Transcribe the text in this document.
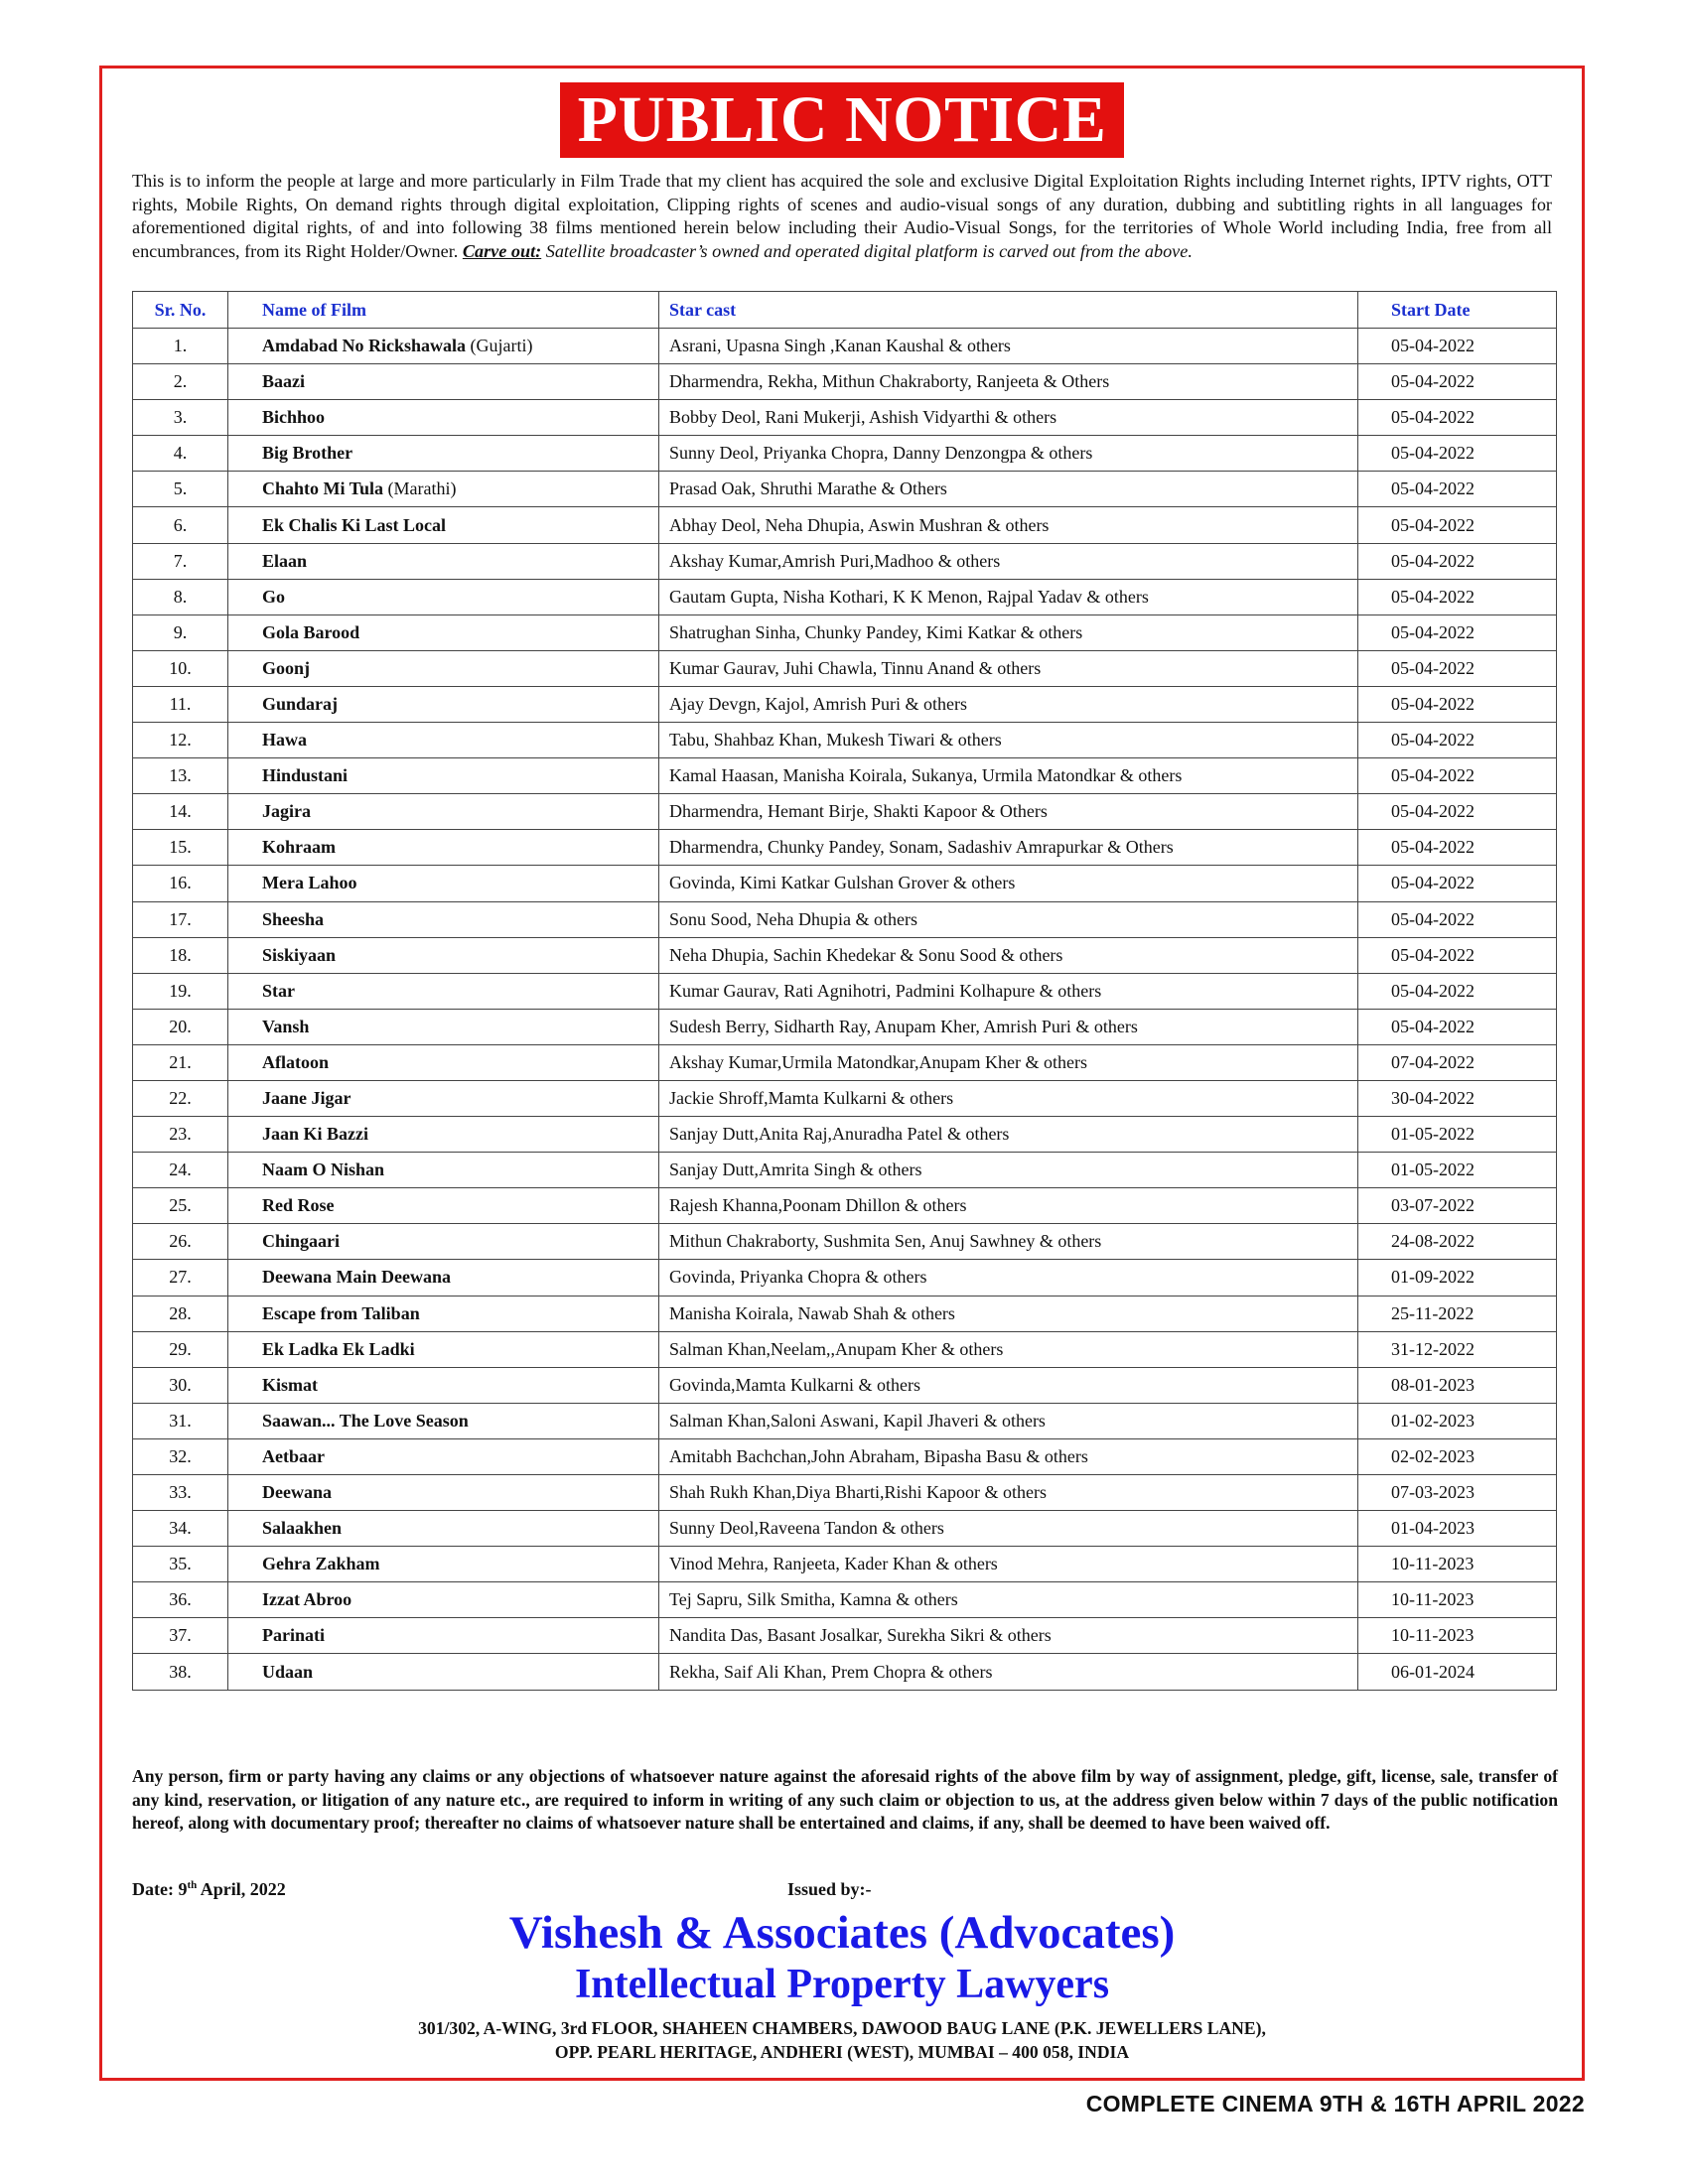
PUBLIC NOTICE
This is to inform the people at large and more particularly in Film Trade that my client has acquired the sole and exclusive Digital Exploitation Rights including Internet rights, IPTV rights, OTT rights, Mobile Rights, On demand rights through digital exploitation, Clipping rights of scenes and audio-visual songs of any duration, dubbing and subtitling rights in all languages for aforementioned digital rights, of and into following 38 films mentioned herein below including their Audio-Visual Songs, for the territories of Whole World including India, free from all encumbrances, from its Right Holder/Owner. Carve out: Satellite broadcaster’s owned and operated digital platform is carved out from the above.
Sr. No.	Name of Film	Star cast	Start Date
1.	Amdabad No Rickshawala (Gujarti)	Asrani, Upasna Singh ,Kanan Kaushal & others	05-04-2022
2.	Baazi	Dharmendra, Rekha, Mithun Chakraborty, Ranjeeta & Others	05-04-2022
3.	Bichhoo	Bobby Deol, Rani Mukerji, Ashish Vidyarthi & others	05-04-2022
4.	Big Brother	Sunny Deol, Priyanka Chopra, Danny Denzongpa & others	05-04-2022
5.	Chahto Mi Tula (Marathi)	Prasad Oak, Shruthi Marathe & Others	05-04-2022
6.	Ek Chalis Ki Last Local	Abhay Deol, Neha Dhupia, Aswin Mushran & others	05-04-2022
7.	Elaan	Akshay Kumar,Amrish Puri,Madhoo & others	05-04-2022
8.	Go	Gautam Gupta, Nisha Kothari, K K Menon, Rajpal Yadav & others	05-04-2022
9.	Gola Barood	Shatrughan Sinha, Chunky Pandey, Kimi Katkar & others	05-04-2022
10.	Goonj	Kumar Gaurav, Juhi Chawla, Tinnu Anand & others	05-04-2022
11.	Gundaraj	Ajay Devgn, Kajol, Amrish Puri & others	05-04-2022
12.	Hawa	Tabu, Shahbaz Khan, Mukesh Tiwari & others	05-04-2022
13.	Hindustani	Kamal Haasan, Manisha Koirala, Sukanya, Urmila Matondkar & others	05-04-2022
14.	Jagira	Dharmendra, Hemant Birje, Shakti Kapoor & Others	05-04-2022
15.	Kohraam	Dharmendra, Chunky Pandey, Sonam, Sadashiv Amrapurkar & Others	05-04-2022
16.	Mera Lahoo	Govinda, Kimi Katkar Gulshan Grover & others	05-04-2022
17.	Sheesha	Sonu Sood, Neha Dhupia & others	05-04-2022
18.	Siskiyaan	Neha Dhupia, Sachin Khedekar & Sonu Sood & others	05-04-2022
19.	Star	Kumar Gaurav, Rati Agnihotri, Padmini Kolhapure & others	05-04-2022
20.	Vansh	Sudesh Berry, Sidharth Ray, Anupam Kher, Amrish Puri & others	05-04-2022
21.	Aflatoon	Akshay Kumar,Urmila Matondkar,Anupam Kher & others	07-04-2022
22.	Jaane Jigar	Jackie Shroff,Mamta Kulkarni & others	30-04-2022
23.	Jaan Ki Bazzi	Sanjay Dutt,Anita Raj,Anuradha Patel & others	01-05-2022
24.	Naam O Nishan	Sanjay Dutt,Amrita Singh & others	01-05-2022
25.	Red Rose	Rajesh Khanna,Poonam Dhillon & others	03-07-2022
26.	Chingaari	Mithun Chakraborty, Sushmita Sen, Anuj Sawhney & others	24-08-2022
27.	Deewana Main Deewana	Govinda, Priyanka Chopra & others	01-09-2022
28.	Escape from Taliban	Manisha Koirala, Nawab Shah & others	25-11-2022
29.	Ek Ladka Ek Ladki	Salman Khan,Neelam,,Anupam Kher & others	31-12-2022
30.	Kismat	Govinda,Mamta Kulkarni & others	08-01-2023
31.	Saawan... The Love Season	Salman Khan,Saloni Aswani, Kapil Jhaveri & others	01-02-2023
32.	Aetbaar	Amitabh Bachchan,John Abraham, Bipasha Basu & others	02-02-2023
33.	Deewana	Shah Rukh Khan,Diya Bharti,Rishi Kapoor & others	07-03-2023
34.	Salaakhen	Sunny Deol,Raveena Tandon & others	01-04-2023
35.	Gehra Zakham	Vinod Mehra, Ranjeeta, Kader Khan & others	10-11-2023
36.	Izzat Abroo	Tej Sapru, Silk Smitha, Kamna & others	10-11-2023
37.	Parinati	Nandita Das, Basant Josalkar, Surekha Sikri & others	10-11-2023
38.	Udaan	Rekha, Saif Ali Khan, Prem Chopra & others	06-01-2024
Any person, firm or party having any claims or any objections of whatsoever nature against the aforesaid rights of the above film by way of assignment, pledge, gift, license, sale, transfer of any kind, reservation, or litigation of any nature etc., are required to inform in writing of any such claim or objection to us, at the address given below within 7 days of the public notification hereof, along with documentary proof; thereafter no claims of whatsoever nature shall be entertained and claims, if any, shall be deemed to have been waived off.
Date: 9th April, 2022	Issued by:-
Vishesh & Associates (Advocates)
Intellectual Property Lawyers
301/302, A-WING, 3rd FLOOR, SHAHEEN CHAMBERS, DAWOOD BAUG LANE (P.K. JEWELLERS LANE),
OPP. PEARL HERITAGE, ANDHERI (WEST), MUMBAI – 400 058, INDIA
COMPLETE CINEMA 9TH & 16TH APRIL 2022
